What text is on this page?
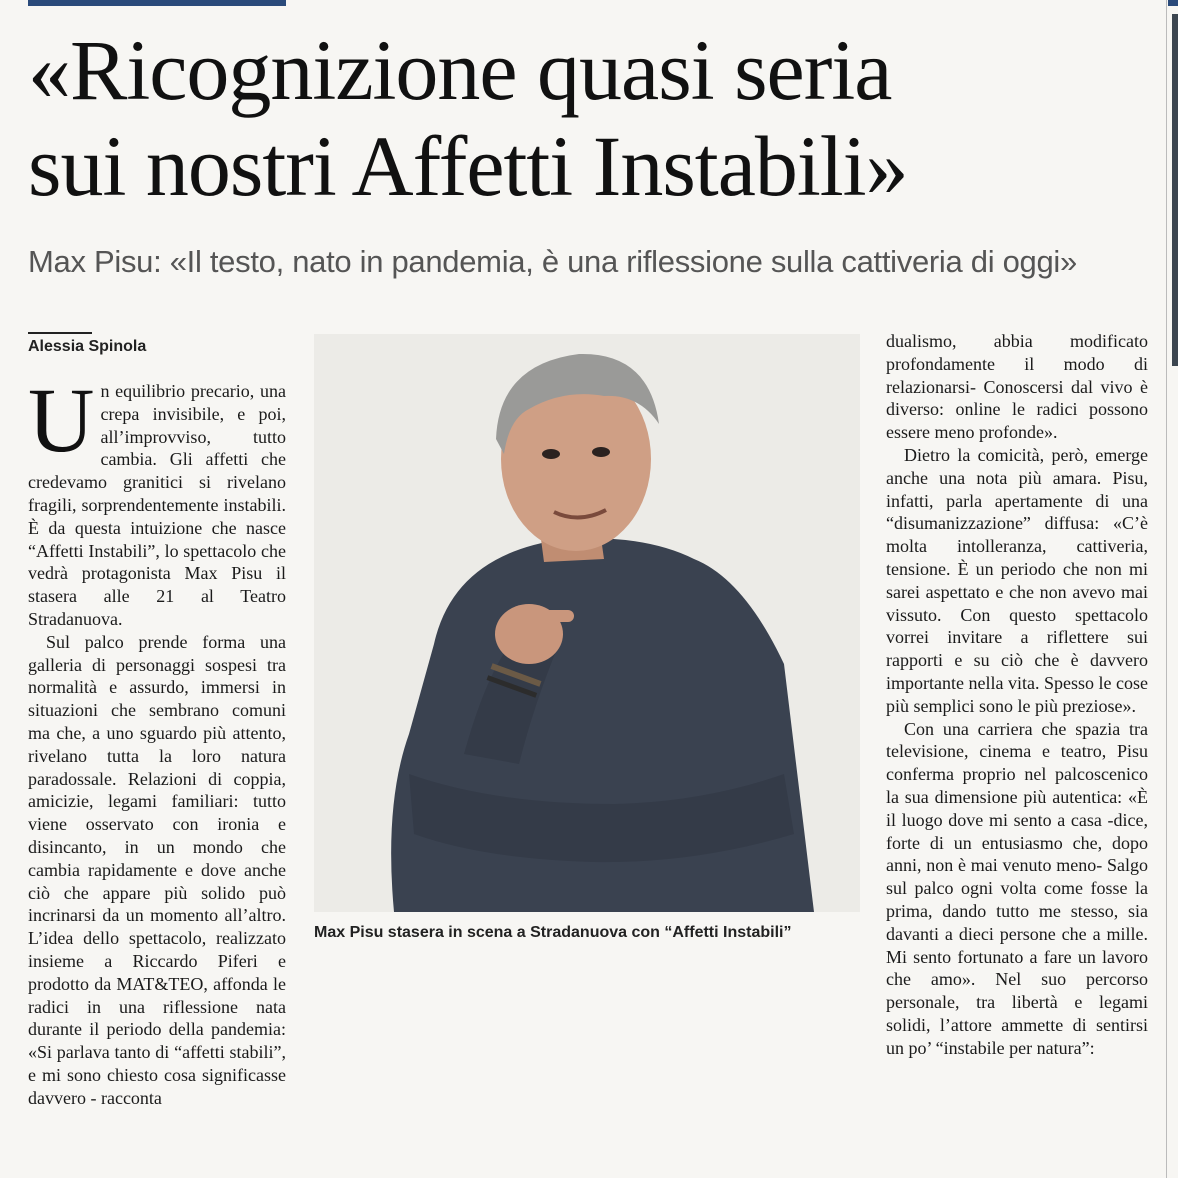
«Ricognizione quasi seria
sui nostri Affetti Instabili»
Max Pisu: «Il testo, nato in pandemia, è una riflessione sulla cattiveria di oggi»
Alessia Spinola

Un equilibrio precario, una crepa invisibile, e poi, all’improvviso, tutto cambia. Gli affetti che credevamo granitici si rivelano fragili, sorprendentemente instabili. È da questa intuizione che nasce “Affetti Instabili”, lo spettacolo che vedrà protagonista Max Pisu il stasera alle 21 al Teatro Stradanuova.

Sul palco prende forma una galleria di personaggi sospesi tra normalità e assurdo, immersi in situazioni che sembrano comuni ma che, a uno sguardo più attento, rivelano tutta la loro natura paradossale. Relazioni di coppia, amicizie, legami familiari: tutto viene osservato con ironia e disincanto, in un mondo che cambia rapidamente e dove anche ciò che appare più solido può incrinarsi da un momento all’altro. L’idea dello spettacolo, realizzato insieme a Riccardo Piferi e prodotto da MAT&TEO, affonda le radici in una riflessione nata durante il periodo della pandemia: «Si parlava tanto di “affetti stabili”, e mi sono chiesto cosa significasse davvero - racconta

Max Pisu stasera in scena a Stradanuova con “Affetti Instabili”

dualismo, abbia modificato profondamente il modo di relazionarsi- Conoscersi dal vivo è diverso: online le radici possono essere meno profonde».

Dietro la comicità, però, emerge anche una nota più amara. Pisu, infatti, parla apertamente di una “disumanizzazione” diffusa: «C’è molta intolleranza, cattiveria, tensione. È un periodo che non mi sarei aspettato e che non avevo mai vissuto. Con questo spettacolo vorrei invitare a riflettere sui rapporti e su ciò che è davvero importante nella vita. Spesso le cose più semplici sono le più preziose».

Con una carriera che spazia tra televisione, cinema e teatro, Pisu conferma proprio nel palcoscenico la sua dimensione più autentica: «È il luogo dove mi sento a casa -dice, forte di un entusiasmo che, dopo anni, non è mai venuto meno- Salgo sul palco ogni volta come fosse la prima, dando tutto me stesso, sia davanti a dieci persone che a mille. Mi sento fortunato a fare un lavoro che amo». Nel suo percorso personale, tra libertà e legami solidi, l’attore ammette di sentirsi un po’ “instabile per natura”:
